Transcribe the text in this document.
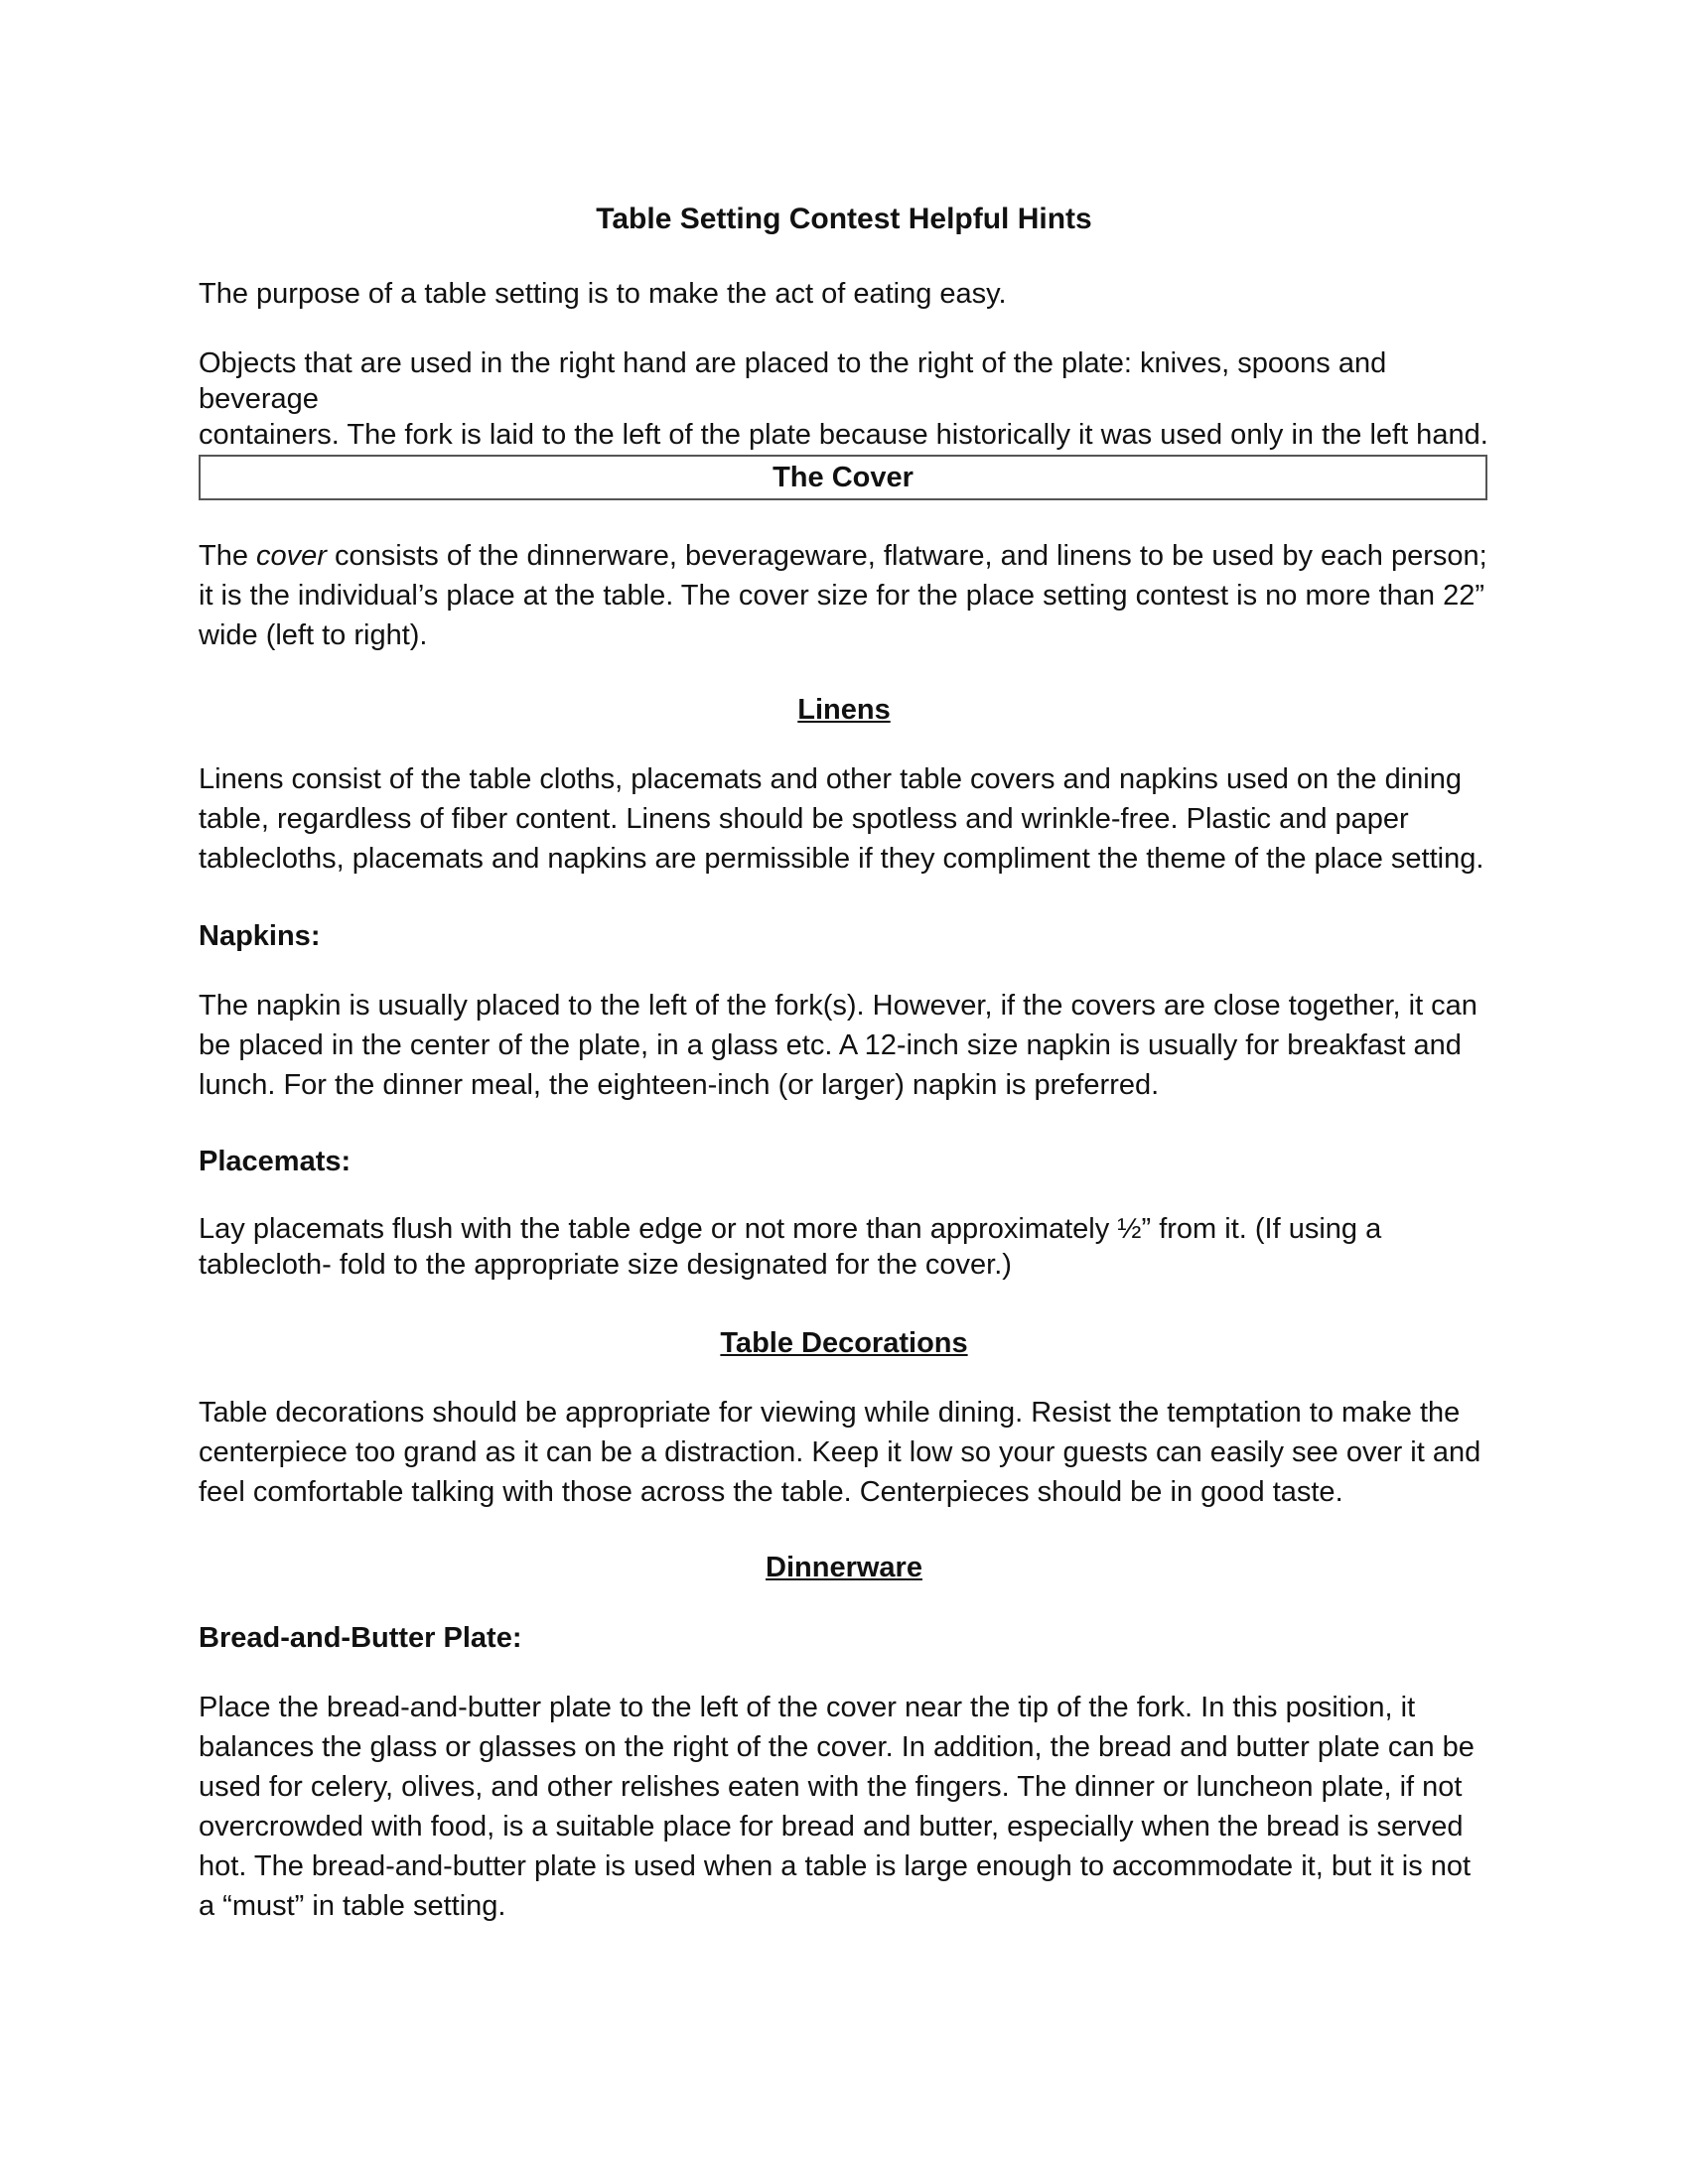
Table Setting Contest Helpful Hints

The purpose of a table setting is to make the act of eating easy.

Objects that are used in the right hand are placed to the right of the plate: knives, spoons and
beverage
containers. The fork is laid to the left of the plate because historically it was used only in the left hand.
The Cover

The cover consists of the dinnerware, beverageware, flatware, and linens to be used by each person; it is the individual’s place at the table. The cover size for the place setting contest is no more than 22” wide (left to right).

Linens

Linens consist of the table cloths, placemats and other table covers and napkins used on the dining table, regardless of fiber content. Linens should be spotless and wrinkle-free. Plastic and paper tablecloths, placemats and napkins are permissible if they compliment the theme of the place setting.

Napkins:

The napkin is usually placed to the left of the fork(s). However, if the covers are close together, it can be placed in the center of the plate, in a glass etc. A 12-inch size napkin is usually for breakfast and lunch. For the dinner meal, the eighteen-inch (or larger) napkin is preferred.

Placemats:

Lay placemats flush with the table edge or not more than approximately ½” from it. (If using a tablecloth- fold to the appropriate size designated for the cover.)

Table Decorations

Table decorations should be appropriate for viewing while dining. Resist the temptation to make the centerpiece too grand as it can be a distraction. Keep it low so your guests can easily see over it and feel comfortable talking with those across the table. Centerpieces should be in good taste.

Dinnerware
Bread-and-Butter Plate:

Place the bread-and-butter plate to the left of the cover near the tip of the fork. In this position, it balances the glass or glasses on the right of the cover. In addition, the bread and butter plate can be used for celery, olives, and other relishes eaten with the fingers. The dinner or luncheon plate, if not overcrowded with food, is a suitable place for bread and butter, especially when the bread is served hot. The bread-and-butter plate is used when a table is large enough to accommodate it, but it is not a “must” in table setting.
